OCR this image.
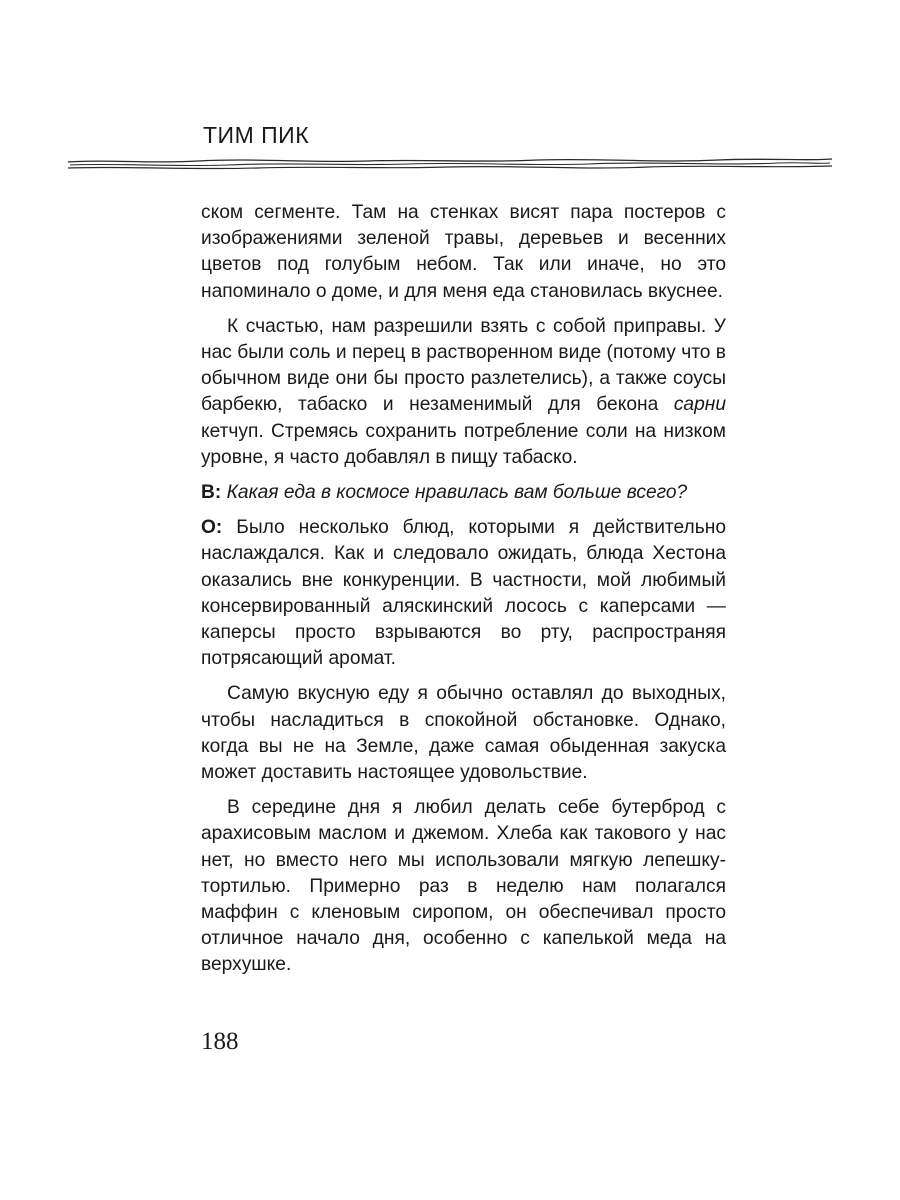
ТИМ ПИК

ском сегменте. Там на стенках висят пара постеров с изображениями зеленой травы, деревьев и весенних цветов под голубым небом. Так или иначе, но это напоминало о доме, и для меня еда становилась вкуснее.

К счастью, нам разрешили взять с собой приправы. У нас были соль и перец в растворенном виде (потому что в обычном виде они бы просто разлетелись), а также соусы барбекю, табаско и незаменимый для бекона сарни кетчуп. Стремясь сохранить потребление соли на низком уровне, я часто добавлял в пищу табаско.

В: Какая еда в космосе нравилась вам больше всего?

О: Было несколько блюд, которыми я действительно наслаждался. Как и следовало ожидать, блюда Хестона оказались вне конкуренции. В частности, мой любимый консервированный аляскинский лосось с каперсами — каперсы просто взрываются во рту, распространяя потрясающий аромат.

Самую вкусную еду я обычно оставлял до выходных, чтобы насладиться в спокойной обстановке. Однако, когда вы не на Земле, даже самая обыденная закуска может доставить настоящее удовольствие.

В середине дня я любил делать себе бутерброд с арахисовым маслом и джемом. Хлеба как такового у нас нет, но вместо него мы использовали мягкую лепешку-тортилью. Примерно раз в неделю нам полагался маффин с кленовым сиропом, он обеспечивал просто отличное начало дня, особенно с капелькой меда на верхушке.

188
